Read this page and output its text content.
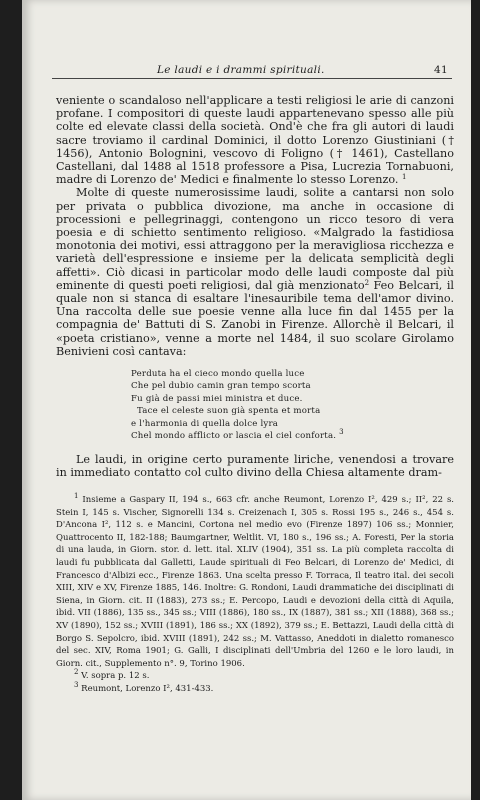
Le laudi e i drammi spirituali.	41

veniente o scandaloso nell'applicare a testi religiosi le arie di canzoni profane. I compositori di queste laudi appartenevano spesso alle più colte ed elevate classi della società. Ond'è che fra gli autori di laudi sacre troviamo il cardinal Dominici, il dotto Lorenzo Giustiniani († 1456), Antonio Bolognini, vescovo di Foligno († 1461), Castellano Castellani, dal 1488 al 1518 professore a Pisa, Lucrezia Tornabuoni, madre di Lorenzo de' Medici e finalmente lo stesso Lorenzo. $^1$

Molte di queste numerosissime laudi, solite a cantarsi non solo per privata o pubblica divozione, ma anche in occasione di processioni e pellegrinaggi, contengono un ricco tesoro di vera poesia e di schietto sentimento religioso. «Malgrado la fastidiosa monotonia dei motivi, essi attraggono per la meravigliosa ricchezza e varietà dell'espressione e insieme per la delicata semplicità degli affetti». Ciò dicasi in particolar modo delle laudi composte dal più eminente di questi poeti religiosi, dal già menzionato$^2$ Feo Belcari, il quale non si stanca di esaltare l'inesauribile tema dell'amor divino. Una raccolta delle sue poesie venne alla luce fin dal 1455 per la compagnia de' Battuti di S. Zanobi in Firenze. Allorchè il Belcari, il «poeta cristiano», venne a morte nel 1484, il suo scolare Girolamo Benivieni così cantava:

Perduta ha el cieco mondo quella luce
Che pel dubio camin gran tempo scorta
Fu già de passi miei ministra et duce.
Tace el celeste suon già spenta et morta
e l'harmonia di quella dolce lyra
Chel mondo afflicto or lascia el ciel conforta. $^3$

Le laudi, in origine certo puramente liriche, venendosi a trovare in immediato contatto col culto divino della Chiesa altamente dram-

$^1$ Insieme a Gaspary II, 194 s., 663 cfr. anche Reumont, Lorenzo I², 429 s.; II², 22 s. Stein I, 145 s. Vischer, Signorelli 134 s. Creizenach I, 305 s. Rossi 195 s., 246 s., 454 s. D'Ancona I², 112 s. e Mancini, Cortona nel medio evo (Firenze 1897) 106 ss.; Monnier, Quattrocento II, 182-188; Baumgartner, Weltlit. VI, 180 s., 196 ss.; A. Foresti, Per la storia di una lauda, in Giorn. stor. d. lett. ital. XLIV (1904), 351 ss. La più completa raccolta di laudi fu pubblicata dal Galletti, Laude spirituali di Feo Belcari, di Lorenzo de' Medici, di Francesco d'Albizi ecc., Firenze 1863. Una scelta presso F. Torraca, Il teatro ital. dei secoli XIII, XIV e XV, Firenze 1885, 146. Inoltre: G. Rondoni, Laudi drammatiche dei disciplinati di Siena, in Giorn. cit. II (1883), 273 ss.; E. Percopo, Laudi e devozioni della città di Aquila, ibid. VII (1886), 135 ss., 345 ss.; VIII (1886), 180 ss., IX (1887), 381 ss.; XII (1888), 368 ss.; XV (1890), 152 ss.; XVIII (1891), 186 ss.; XX (1892), 379 ss.; E. Bettazzi, Laudi della città di Borgo S. Sepolcro, ibid. XVIII (1891), 242 ss.; M. Vattasso, Aneddoti in dialetto romanesco del sec. XIV, Roma 1901; G. Galli, I disciplinati dell'Umbria del 1260 e le loro laudi, in Giorn. cit., Supplemento n°. 9, Torino 1906.

$^2$ V. sopra p. 12 s.

$^3$ Reumont, Lorenzo I², 431-433.
